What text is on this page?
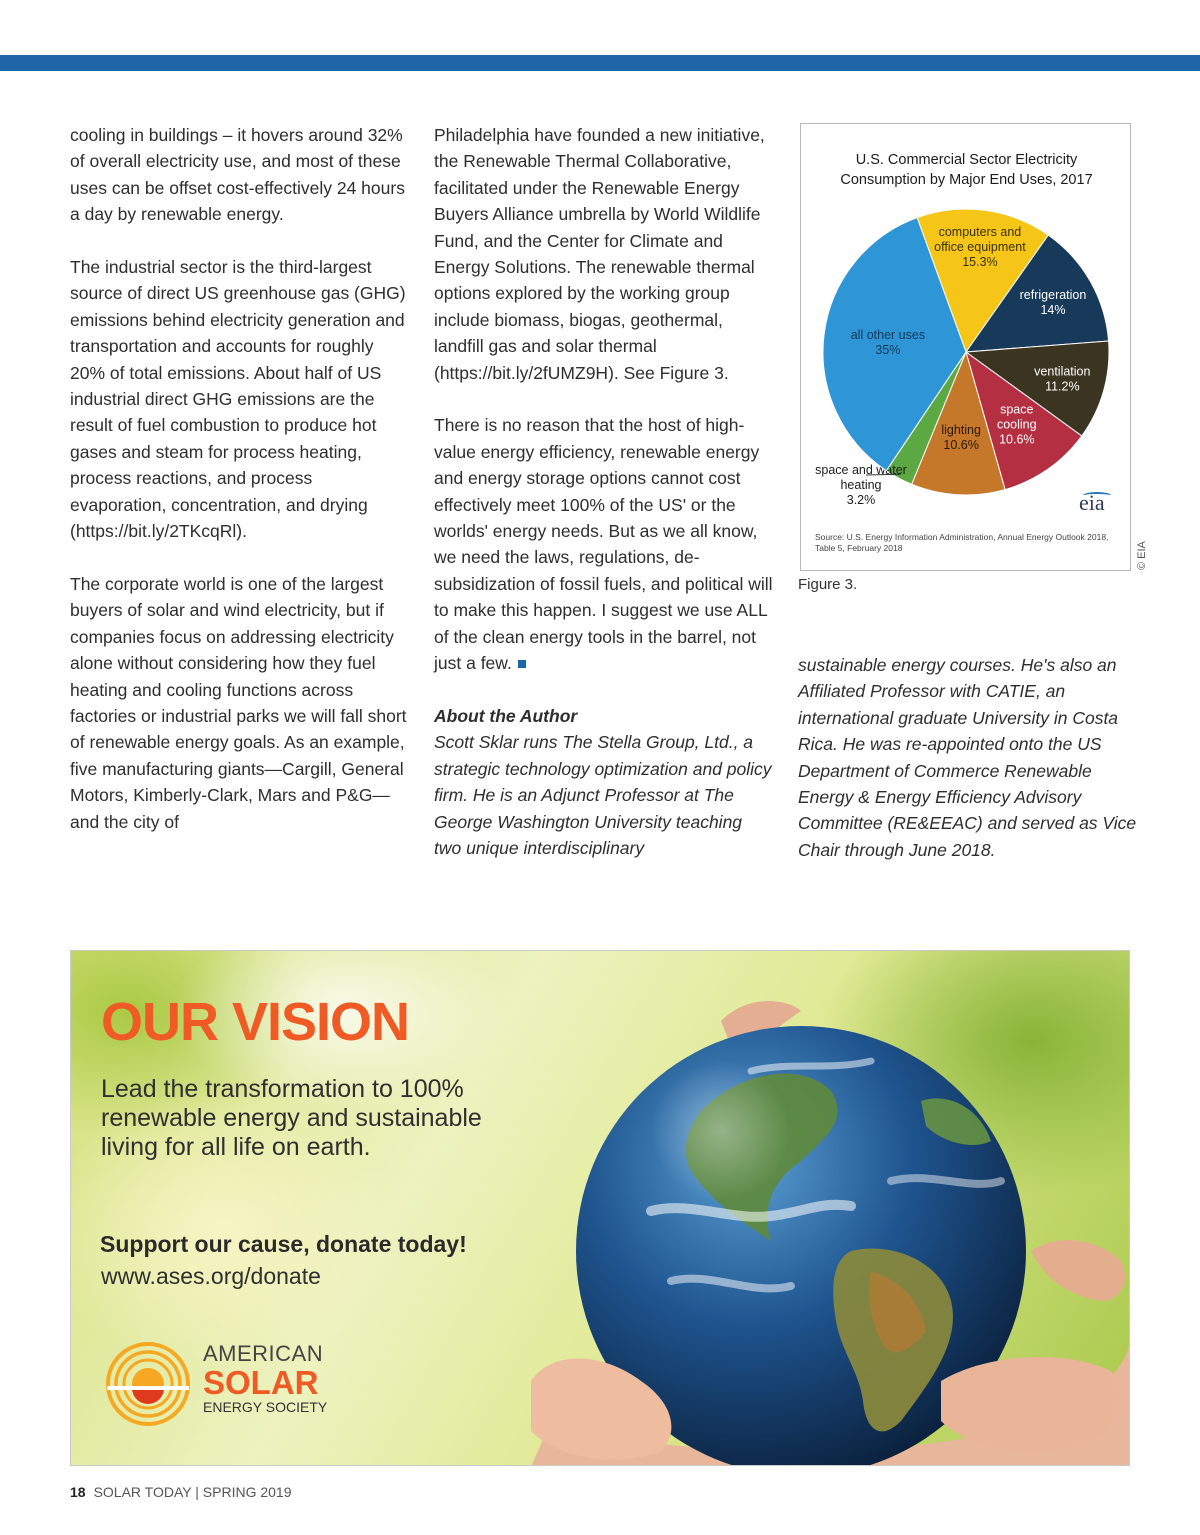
cooling in buildings – it hovers around 32% of overall electricity use, and most of these uses can be offset cost-effectively 24 hours a day by renewable energy.

The industrial sector is the third-largest source of direct US greenhouse gas (GHG) emissions behind electricity generation and transportation and accounts for roughly 20% of total emissions. About half of US industrial direct GHG emissions are the result of fuel combustion to produce hot gases and steam for process heating, process reactions, and process evaporation, concentration, and drying (https://bit.ly/2TKcqRl).

The corporate world is one of the largest buyers of solar and wind electricity, but if companies focus on addressing electricity alone without considering how they fuel heating and cooling functions across factories or industrial parks we will fall short of renewable energy goals. As an example, five manufacturing giants—Cargill, General Motors, Kimberly-Clark, Mars and P&G—and the city of

Philadelphia have founded a new initiative, the Renewable Thermal Collaborative, facilitated under the Renewable Energy Buyers Alliance umbrella by World Wildlife Fund, and the Center for Climate and Energy Solutions. The renewable thermal options explored by the working group include biomass, biogas, geothermal, landfill gas and solar thermal (https://bit.ly/2fUMZ9H). See Figure 3.

There is no reason that the host of high-value energy efficiency, renewable energy and energy storage options cannot cost effectively meet 100% of the US' or the worlds' energy needs. But as we all know, we need the laws, regulations, de-subsidization of fossil fuels, and political will to make this happen. I suggest we use ALL of the clean energy tools in the barrel, not just a few.

About the Author

Scott Sklar runs The Stella Group, Ltd., a strategic technology optimization and policy firm. He is an Adjunct Professor at The George Washington University teaching two unique interdisciplinary

sustainable energy courses. He's also an Affiliated Professor with CATIE, an international graduate University in Costa Rica. He was re-appointed onto the US Department of Commerce Renewable Energy & Energy Efficiency Advisory Committee (RE&EEAC) and served as Vice Chair through June 2018.

computers and
office equipment
15.3%
refrigeration
14%
ventilation
11.2%
space
cooling
10.6%
lighting
10.6%
space and water
heating
3.2%
all other uses
35%
U.S. Commercial Sector Electricity
Consumption by Major End Uses, 2017
eia
Source: U.S. Energy Information Administration, Annual Energy Outlook 2018,
Table 5, February 2018
Figure 3.
© EIA
OUR VISION
Lead the transformation to 100% renewable energy and sustainable living for all life on earth.
Support our cause, donate today!
www.ases.org/donate
AMERICAN
SOLAR
ENERGY SOCIETY
18 SOLAR TODAY | SPRING 2019
